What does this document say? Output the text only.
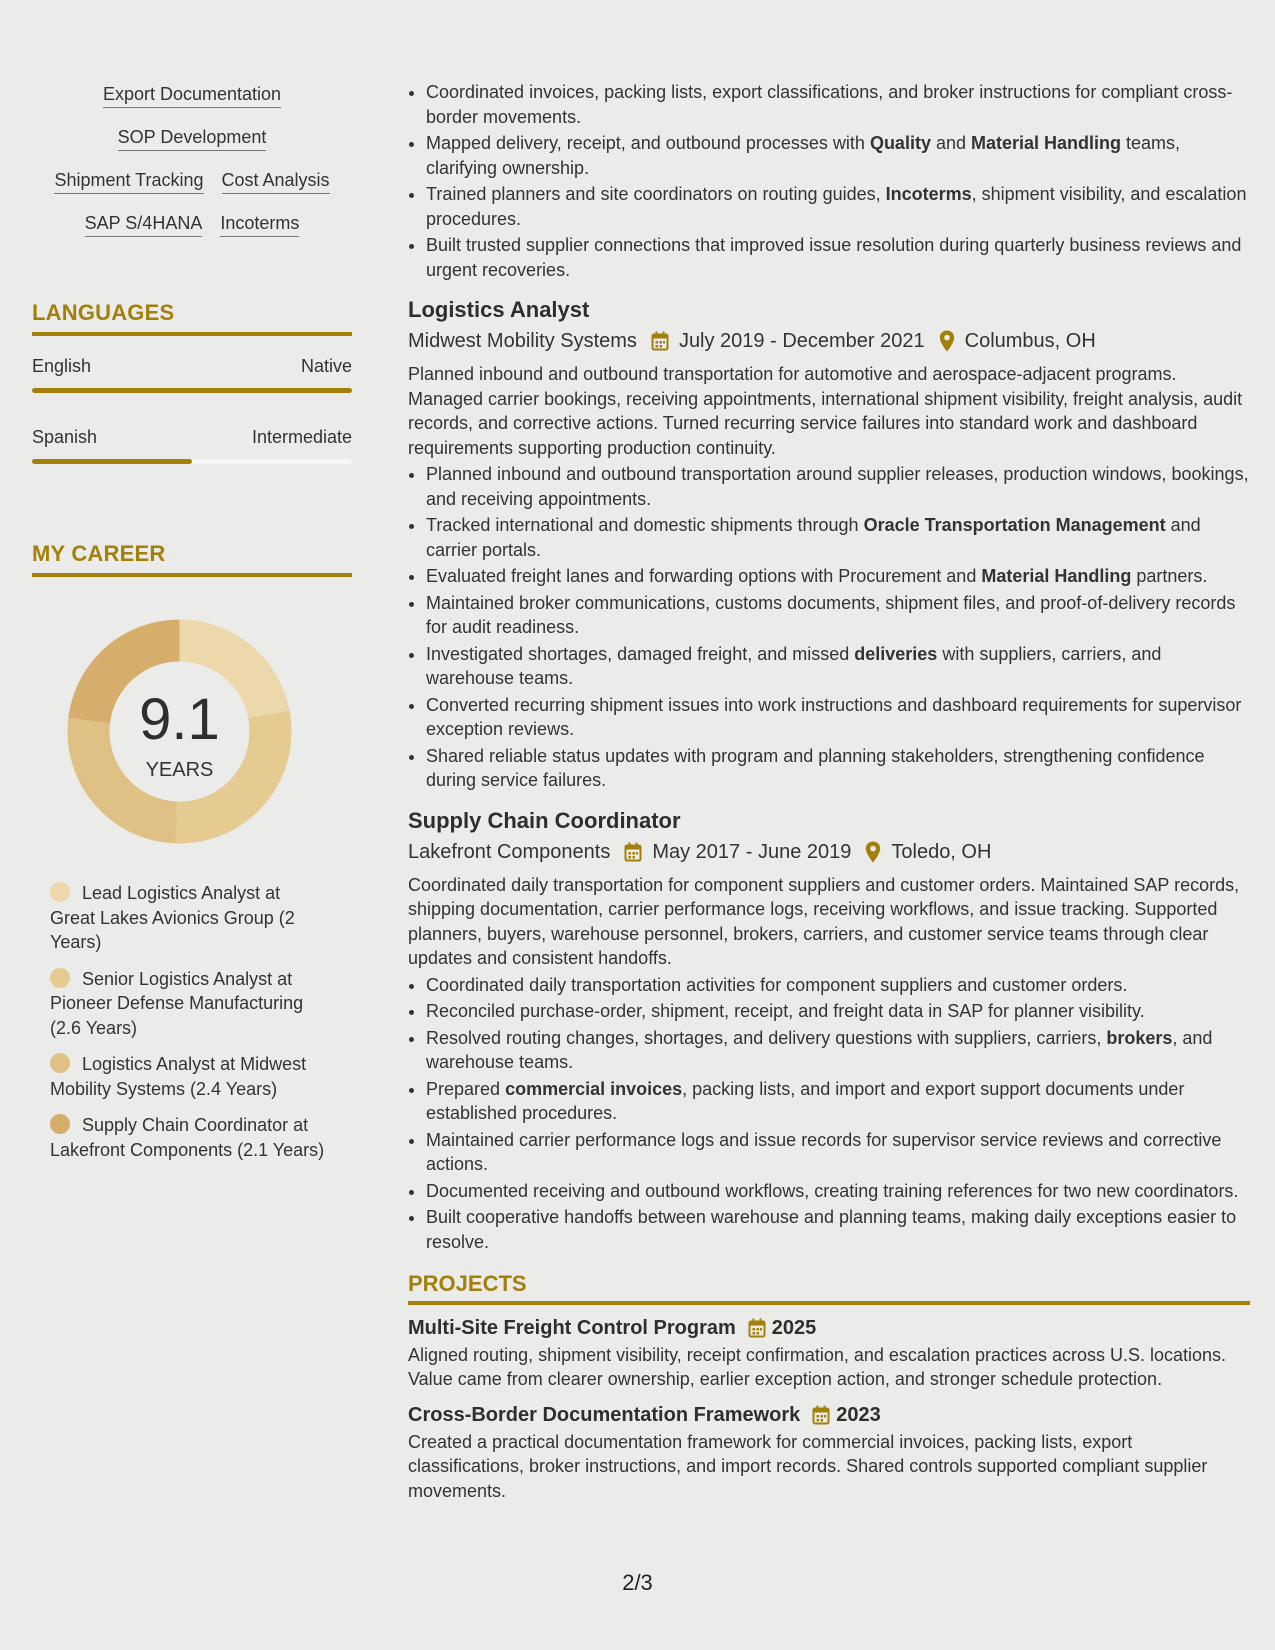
Export Documentation
SOP Development
Shipment Tracking Cost Analysis
SAP S/4HANA Incoterms
LANGUAGES
English	Native
Spanish	Intermediate
MY CAREER
9.1
YEARS
Lead Logistics Analyst at Great Lakes Avionics Group (2 Years)
Senior Logistics Analyst at Pioneer Defense Manufacturing (2.6 Years)
Logistics Analyst at Midwest Mobility Systems (2.4 Years)
Supply Chain Coordinator at Lakefront Components (2.1 Years)
• Coordinated invoices, packing lists, export classifications, and broker instructions for compliant cross-border movements.
• Mapped delivery, receipt, and outbound processes with Quality and Material Handling teams, clarifying ownership.
• Trained planners and site coordinators on routing guides, Incoterms, shipment visibility, and escalation procedures.
• Built trusted supplier connections that improved issue resolution during quarterly business reviews and urgent recoveries.
Logistics Analyst
Midwest Mobility Systems July 2019 - December 2021 Columbus, OH
Planned inbound and outbound transportation for automotive and aerospace-adjacent programs. Managed carrier bookings, receiving appointments, international shipment visibility, freight analysis, audit records, and corrective actions. Turned recurring service failures into standard work and dashboard requirements supporting production continuity.
• Planned inbound and outbound transportation around supplier releases, production windows, bookings, and receiving appointments.
• Tracked international and domestic shipments through Oracle Transportation Management and carrier portals.
• Evaluated freight lanes and forwarding options with Procurement and Material Handling partners.
• Maintained broker communications, customs documents, shipment files, and proof-of-delivery records for audit readiness.
• Investigated shortages, damaged freight, and missed deliveries with suppliers, carriers, and warehouse teams.
• Converted recurring shipment issues into work instructions and dashboard requirements for supervisor exception reviews.
• Shared reliable status updates with program and planning stakeholders, strengthening confidence during service failures.
Supply Chain Coordinator
Lakefront Components May 2017 - June 2019 Toledo, OH
Coordinated daily transportation for component suppliers and customer orders. Maintained SAP records, shipping documentation, carrier performance logs, receiving workflows, and issue tracking. Supported planners, buyers, warehouse personnel, brokers, carriers, and customer service teams through clear updates and consistent handoffs.
• Coordinated daily transportation activities for component suppliers and customer orders.
• Reconciled purchase-order, shipment, receipt, and freight data in SAP for planner visibility.
• Resolved routing changes, shortages, and delivery questions with suppliers, carriers, brokers, and warehouse teams.
• Prepared commercial invoices, packing lists, and import and export support documents under established procedures.
• Maintained carrier performance logs and issue records for supervisor service reviews and corrective actions.
• Documented receiving and outbound workflows, creating training references for two new coordinators.
• Built cooperative handoffs between warehouse and planning teams, making daily exceptions easier to resolve.
PROJECTS
Multi-Site Freight Control Program 2025
Aligned routing, shipment visibility, receipt confirmation, and escalation practices across U.S. locations. Value came from clearer ownership, earlier exception action, and stronger schedule protection.
Cross-Border Documentation Framework 2023
Created a practical documentation framework for commercial invoices, packing lists, export classifications, broker instructions, and import records. Shared controls supported compliant supplier movements.
2/3
